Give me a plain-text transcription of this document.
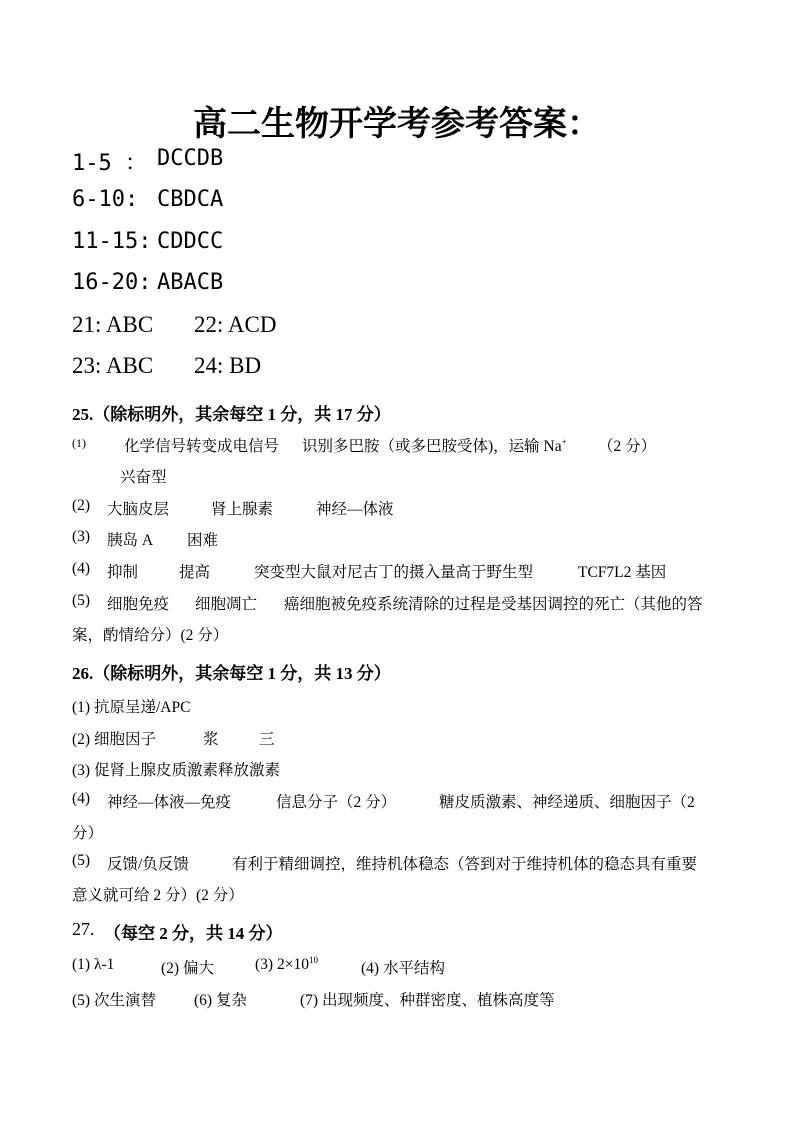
高二生物开学考参考答案：
1-5 ： DCCDB
6-10: CBDCA
11-15: CDDCC
16-20: ABACB
21: ABC 22: ACD
23: ABC 24: BD
25.（除标明外，其余每空 1 分，共 17 分）
(1) 化学信号转变成电信号 识别多巴胺（或多巴胺受体)，运输 Na+ （2 分）
兴奋型
(2) 大脑皮层	肾上腺素	神经—体液
(3) 胰岛 A 困难
(4) 抑制	提高	突变型大鼠对尼古丁的摄入量高于野生型	TCF7L2 基因
(5) 细胞免疫 细胞凋亡 癌细胞被免疫系统清除的过程是受基因调控的死亡（其他的答
案，酌情给分）(2 分）
26.（除标明外，其余每空 1 分，共 13 分）
(1) 抗原呈递/APC
(2) 细胞因子	浆	三
(3) 促肾上腺皮质激素释放激素
(4) 神经—体液—免疫	信息分子（2 分）	糖皮质激素、神经递质、细胞因子（2
分）
(5) 反馈/负反馈	有利于精细调控，维持机体稳态（答到对于维持机体的稳态具有重要
意义就可给 2 分）(2 分）
27. （每空 2 分，共 14 分）
(1) λ-1	(2) 偏大	(3) $2\times 10^{10}$
(4) 水平结构
(5) 次生演替 (6) 复杂	(7) 出现频度、种群密度、植株高度等
